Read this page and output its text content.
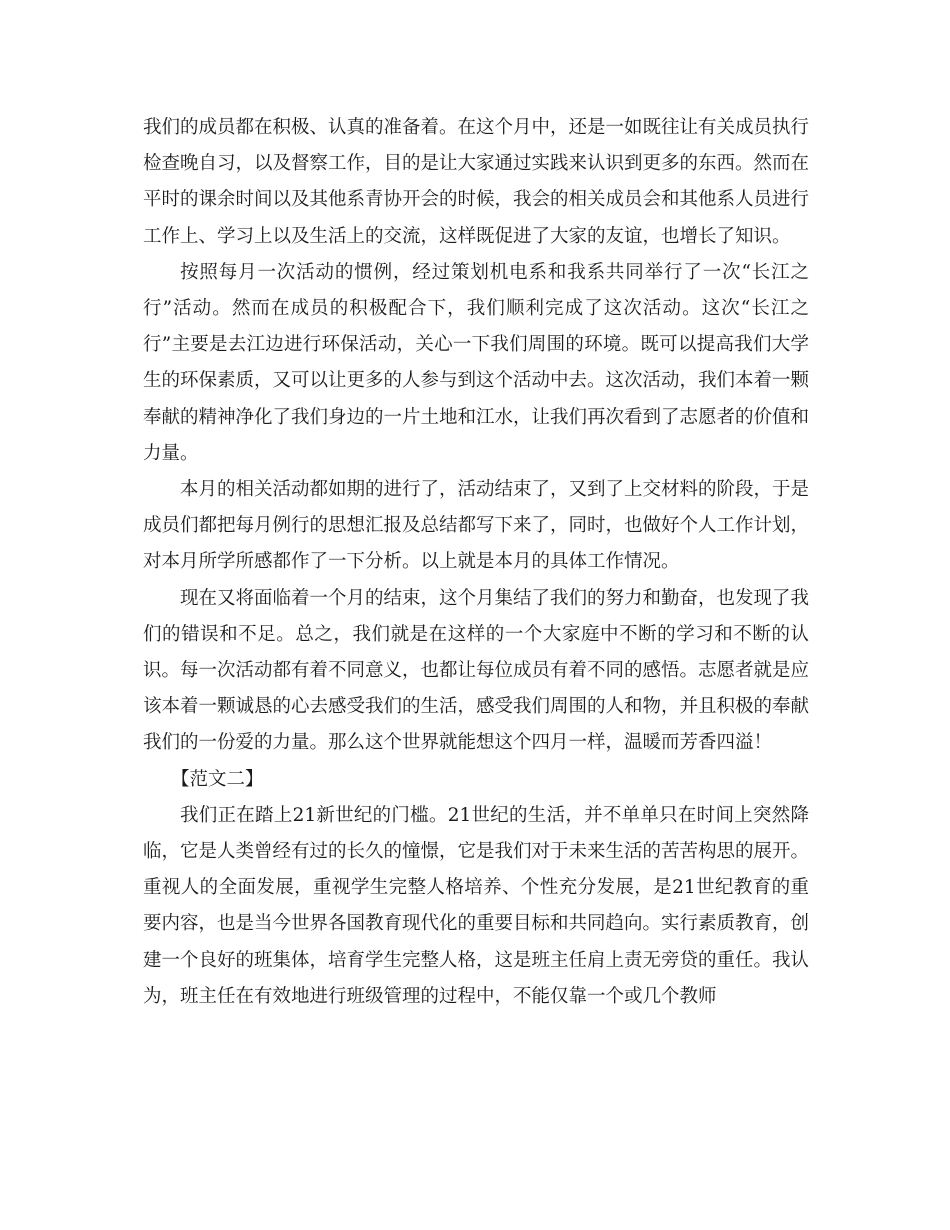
我们的成员都在积极、认真的准备着。在这个月中，还是一如既往让有关成员执行检查晚自习，以及督察工作，目的是让大家通过实践来认识到更多的东西。然而在平时的课余时间以及其他系青协开会的时候，我会的相关成员会和其他系人员进行工作上、学习上以及生活上的交流，这样既促进了大家的友谊，也增长了知识。

按照每月一次活动的惯例，经过策划机电系和我系共同举行了一次“长江之行”活动。然而在成员的积极配合下，我们顺利完成了这次活动。这次“长江之行”主要是去江边进行环保活动，关心一下我们周围的环境。既可以提高我们大学生的环保素质，又可以让更多的人参与到这个活动中去。这次活动，我们本着一颗奉献的精神净化了我们身边的一片土地和江水，让我们再次看到了志愿者的价值和力量。

本月的相关活动都如期的进行了，活动结束了，又到了上交材料的阶段，于是成员们都把每月例行的思想汇报及总结都写下来了，同时，也做好个人工作计划，对本月所学所感都作了一下分析。以上就是本月的具体工作情况。

现在又将面临着一个月的结束，这个月集结了我们的努力和勤奋，也发现了我们的错误和不足。总之，我们就是在这样的一个大家庭中不断的学习和不断的认识。每一次活动都有着不同意义，也都让每位成员有着不同的感悟。志愿者就是应该本着一颗诚恳的心去感受我们的生活，感受我们周围的人和物，并且积极的奉献我们的一份爱的力量。那么这个世界就能想这个四月一样，温暖而芳香四溢！

【范文二】

我们正在踏上21新世纪的门槛。21世纪的生活，并不单单只在时间上突然降临，它是人类曾经有过的长久的憧憬，它是我们对于未来生活的苦苦构思的展开。重视人的全面发展，重视学生完整人格培养、个性充分发展，是21世纪教育的重要内容，也是当今世界各国教育现代化的重要目标和共同趋向。实行素质教育，创建一个良好的班集体，培育学生完整人格，这是班主任肩上责无旁贷的重任。我认为，班主任在有效地进行班级管理的过程中，不能仅靠一个或几个教师
